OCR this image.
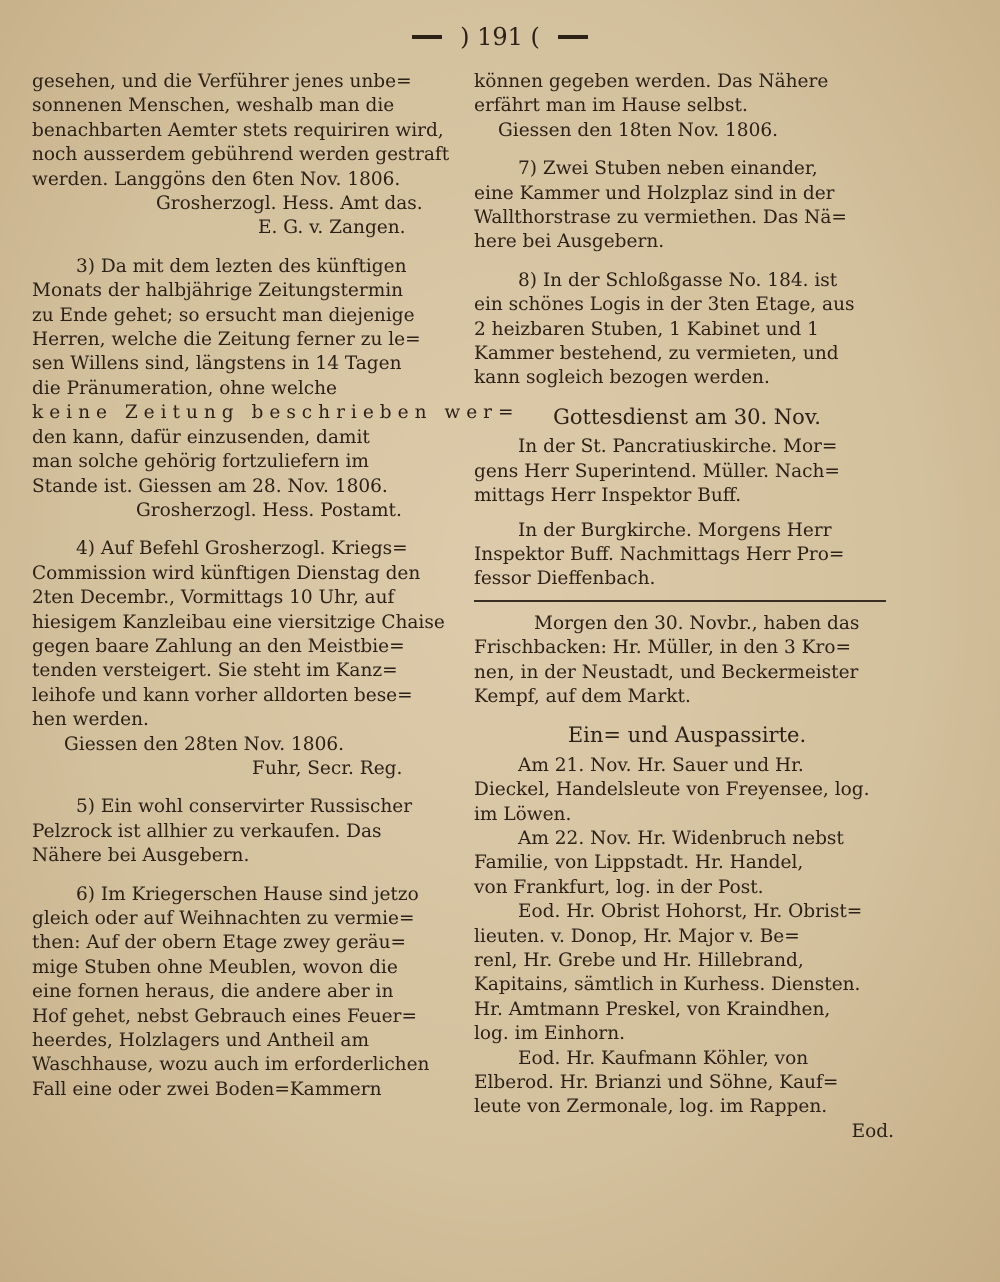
) 191 (
gesehen, und die Verführer jenes unbe=
sonnenen Menschen, weshalb man die
benachbarten Aemter stets requiriren wird,
noch ausserdem gebührend werden gestraft
werden. Langgöns den 6ten Nov. 1806.
Grosherzogl. Hess. Amt das.
E. G. v. Zangen.
3) Da mit dem lezten des künftigen
Monats der halbjährige Zeitungstermin
zu Ende gehet; so ersucht man diejenige
Herren, welche die Zeitung ferner zu le=
sen Willens sind, längstens in 14 Tagen
die Pränumeration, ohne welche
keine Zeitung beschrieben wer=
den kann, dafür einzusenden, damit
man solche gehörig fortzuliefern im
Stande ist. Giessen am 28. Nov. 1806.
Grosherzogl. Hess. Postamt.
4) Auf Befehl Grosherzogl. Kriegs=
Commission wird künftigen Dienstag den
2ten Decembr., Vormittags 10 Uhr, auf
hiesigem Kanzleibau eine viersitzige Chaise
gegen baare Zahlung an den Meistbie=
tenden versteigert. Sie steht im Kanz=
leihofe und kann vorher alldorten bese=
hen werden.
Giessen den 28ten Nov. 1806.
Fuhr, Secr. Reg.
5) Ein wohl conservirter Russischer
Pelzrock ist allhier zu verkaufen. Das
Nähere bei Ausgebern.
6) Im Kriegerschen Hause sind jetzo
gleich oder auf Weihnachten zu vermie=
then: Auf der obern Etage zwey geräu=
mige Stuben ohne Meublen, wovon die
eine fornen heraus, die andere aber in
Hof gehet, nebst Gebrauch eines Feuer=
heerdes, Holzlagers und Antheil am
Waschhause, wozu auch im erforderlichen
Fall eine oder zwei Boden=Kammern
können gegeben werden. Das Nähere
erfährt man im Hause selbst.
Giessen den 18ten Nov. 1806.
7) Zwei Stuben neben einander,
eine Kammer und Holzplaz sind in der
Wallthorstrase zu vermiethen. Das Nä=
here bei Ausgebern.
8) In der Schloßgasse No. 184. ist
ein schönes Logis in der 3ten Etage, aus
2 heizbaren Stuben, 1 Kabinet und 1
Kammer bestehend, zu vermieten, und
kann sogleich bezogen werden.
Gottesdienst am 30. Nov.
In der St. Pancratiuskirche. Mor=
gens Herr Superintend. Müller. Nach=
mittags Herr Inspektor Buff.
In der Burgkirche. Morgens Herr
Inspektor Buff. Nachmittags Herr Pro=
fessor Dieffenbach.
Morgen den 30. Novbr., haben das
Frischbacken: Hr. Müller, in den 3 Kro=
nen, in der Neustadt, und Beckermeister
Kempf, auf dem Markt.
Ein= und Auspassirte.
Am 21. Nov. Hr. Sauer und Hr.
Dieckel, Handelsleute von Freyensee, log.
im Löwen.
Am 22. Nov. Hr. Widenbruch nebst
Familie, von Lippstadt. Hr. Handel,
von Frankfurt, log. in der Post.
Eod. Hr. Obrist Hohorst, Hr. Obrist=
lieuten. v. Donop, Hr. Major v. Be=
renl, Hr. Grebe und Hr. Hillebrand,
Kapitains, sämtlich in Kurhess. Diensten.
Hr. Amtmann Preskel, von Kraindhen,
log. im Einhorn.
Eod. Hr. Kaufmann Köhler, von
Elberod. Hr. Brianzi und Söhne, Kauf=
leute von Zermonale, log. im Rappen.
Eod.
